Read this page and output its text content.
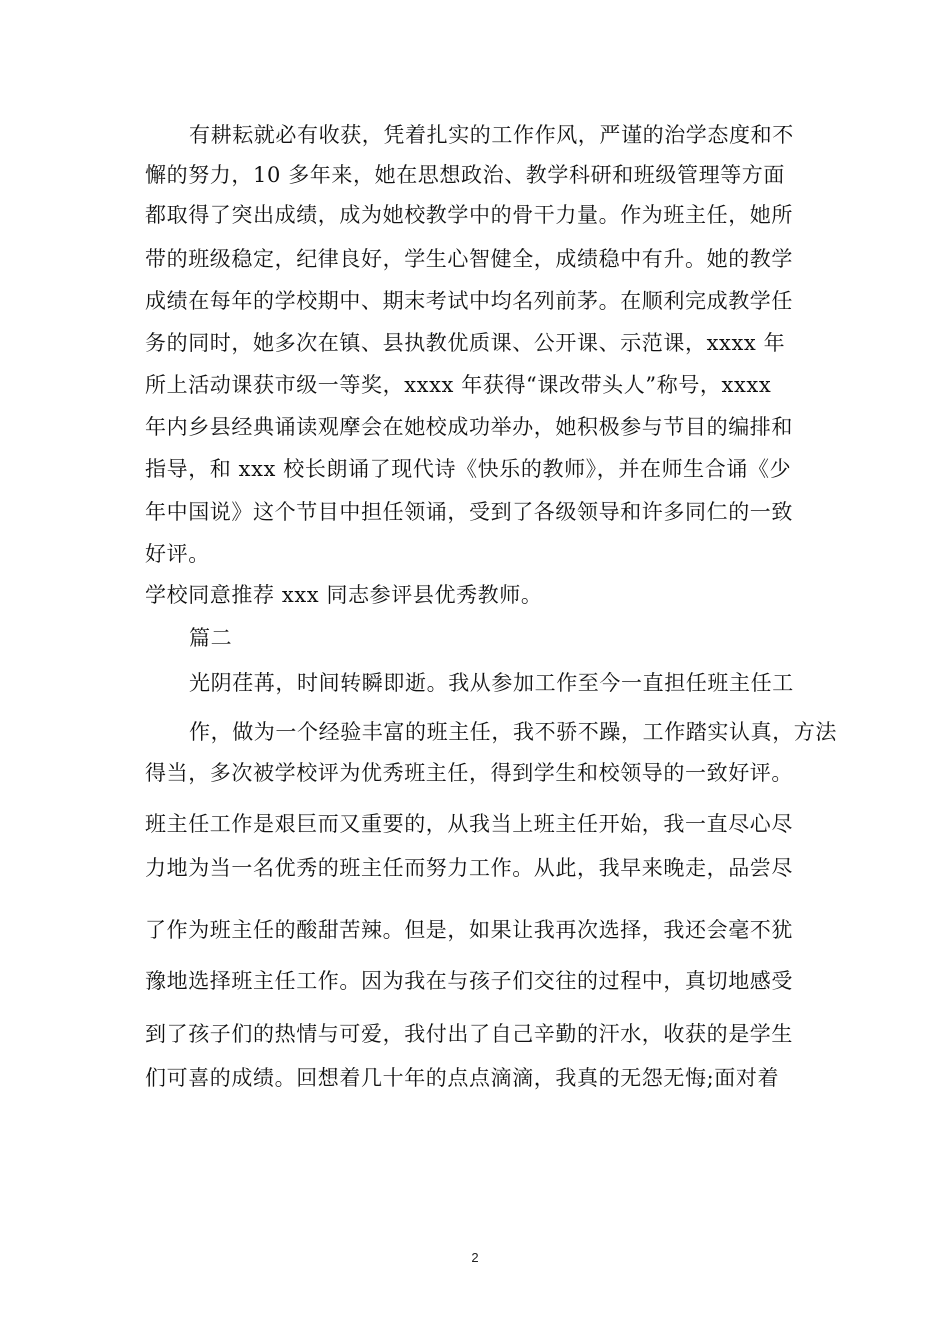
有耕耘就必有收获，凭着扎实的工作作风，严谨的治学态度和不
懈的努力，10 多年来，她在思想政治、教学科研和班级管理等方面
都取得了突出成绩，成为她校教学中的骨干力量。作为班主任，她所
带的班级稳定，纪律良好，学生心智健全，成绩稳中有升。她的教学
成绩在每年的学校期中、期末考试中均名列前茅。在顺利完成教学任
务的同时，她多次在镇、县执教优质课、公开课、示范课，xxxx 年
所上活动课获市级一等奖，xxxx 年获得“课改带头人”称号，xxxx
年内乡县经典诵读观摩会在她校成功举办，她积极参与节目的编排和
指导，和 xxx 校长朗诵了现代诗《快乐的教师》，并在师生合诵《少
年中国说》这个节目中担任领诵，受到了各级领导和许多同仁的一致
好评。
学校同意推荐 xxx 同志参评县优秀教师。
篇二
光阴荏苒，时间转瞬即逝。我从参加工作至今一直担任班主任工
作，做为一个经验丰富的班主任，我不骄不躁，工作踏实认真，方法
得当，多次被学校评为优秀班主任，得到学生和校领导的一致好评。
班主任工作是艰巨而又重要的，从我当上班主任开始，我一直尽心尽
力地为当一名优秀的班主任而努力工作。从此，我早来晚走，品尝尽
了作为班主任的酸甜苦辣。但是，如果让我再次选择，我还会毫不犹
豫地选择班主任工作。因为我在与孩子们交往的过程中，真切地感受
到了孩子们的热情与可爱，我付出了自己辛勤的汗水，收获的是学生
们可喜的成绩。回想着几十年的点点滴滴，我真的无怨无悔;面对着
2
